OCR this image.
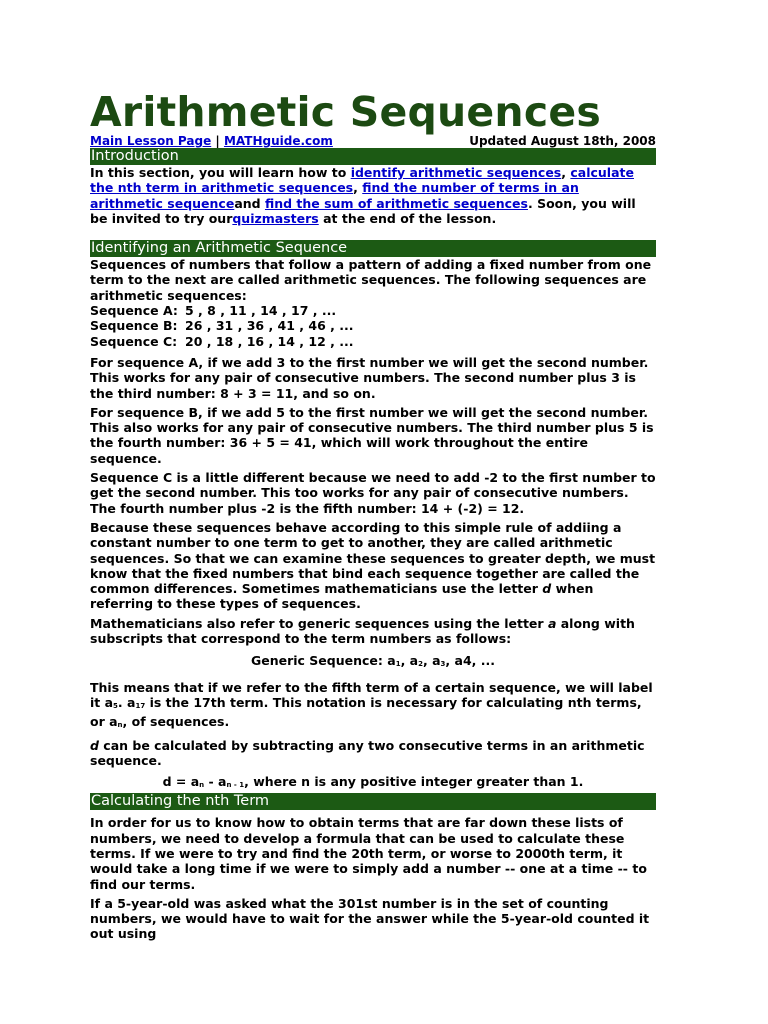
Arithmetic Sequences
Main Lesson Page | MATHguide.com	Updated August 18th, 2008
Introduction

In this section, you will learn how to identify arithmetic sequences, calculate the nth term in arithmetic sequences, find the number of terms in an arithmetic sequenceand find the sum of arithmetic sequences. Soon, you will be invited to try ourquizmasters at the end of the lesson.

Identifying an Arithmetic Sequence

Sequences of numbers that follow a pattern of adding a fixed number from one term to the next are called arithmetic sequences. The following sequences are arithmetic sequences:

Sequence A: 5 , 8 , 11 , 14 , 17 , ...
Sequence B: 26 , 31 , 36 , 41 , 46 , ...
Sequence C: 20 , 18 , 16 , 14 , 12 , ...

For sequence A, if we add 3 to the first number we will get the second number. This works for any pair of consecutive numbers. The second number plus 3 is the third number: 8 + 3 = 11, and so on.

For sequence B, if we add 5 to the first number we will get the second number. This also works for any pair of consecutive numbers. The third number plus 5 is the fourth number: 36 + 5 = 41, which will work throughout the entire sequence.

Sequence C is a little different because we need to add -2 to the first number to get the second number. This too works for any pair of consecutive numbers. The fourth number plus -2 is the fifth number: 14 + (-2) = 12.

Because these sequences behave according to this simple rule of addiing a constant number to one term to get to another, they are called arithmetic sequences. So that we can examine these sequences to greater depth, we must know that the fixed numbers that bind each sequence together are called the common differences. Sometimes mathematicians use the letter d when referring to these types of sequences.

Mathematicians also refer to generic sequences using the letter a along with subscripts that correspond to the term numbers as follows:

Generic Sequence: $a_1$, $a_2$, $a_3$, a4, ...

This means that if we refer to the fifth term of a certain sequence, we will label it $a_5$. $a_{17}$ is the 17th term. This notation is necessary for calculating nth terms, or $a_n$, of sequences.

d can be calculated by subtracting any two consecutive terms in an arithmetic sequence.

$d = a_n - a_{n - 1}$, where n is any positive integer greater than 1.

Calculating the nth Term

In order for us to know how to obtain terms that are far down these lists of numbers, we need to develop a formula that can be used to calculate these terms. If we were to try and find the 20th term, or worse to 2000th term, it would take a long time if we were to simply add a number -- one at a time -- to find our terms.

If a 5-year-old was asked what the 301st number is in the set of counting numbers, we would have to wait for the answer while the 5-year-old counted it out using
